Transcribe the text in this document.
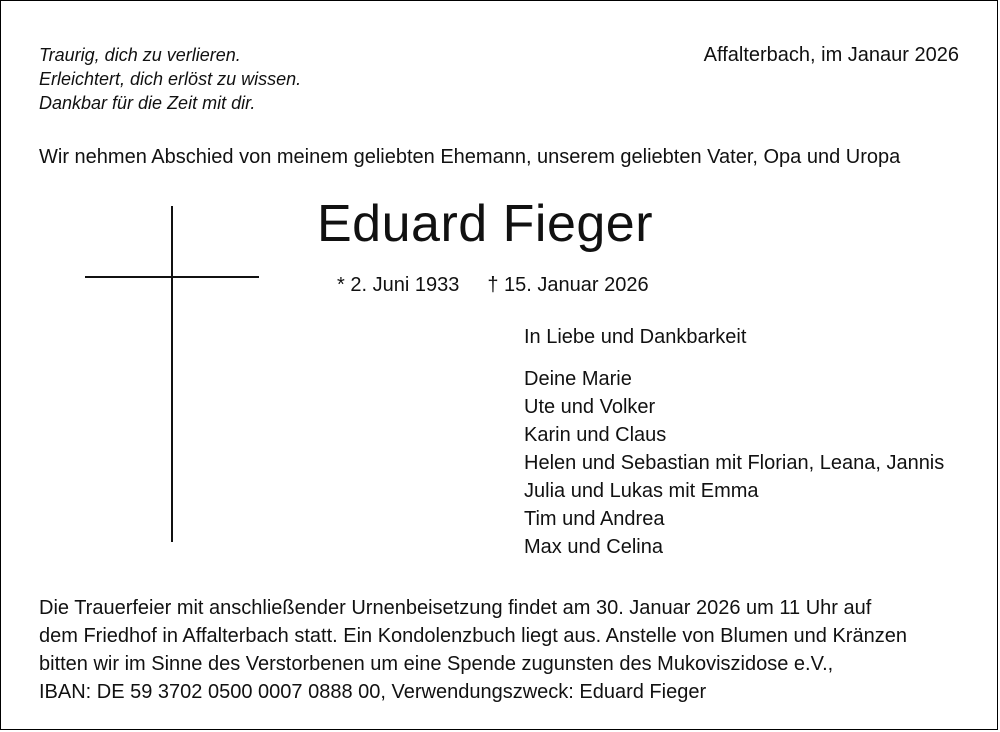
Traurig, dich zu verlieren.
Erleichtert, dich erlöst zu wissen.
Dankbar für die Zeit mit dir.
Affalterbach, im Janaur 2026
Wir nehmen Abschied von meinem geliebten Ehemann, unserem geliebten Vater, Opa und Uropa
Eduard Fieger
* 2. Juni 1933 † 15. Januar 2026
In Liebe und Dankbarkeit
Deine Marie
Ute und Volker
Karin und Claus
Helen und Sebastian mit Florian, Leana, Jannis
Julia und Lukas mit Emma
Tim und Andrea
Max und Celina
Die Trauerfeier mit anschließender Urnenbeisetzung findet am 30. Januar 2026 um 11 Uhr auf
dem Friedhof in Affalterbach statt. Ein Kondolenzbuch liegt aus. Anstelle von Blumen und Kränzen
bitten wir im Sinne des Verstorbenen um eine Spende zugunsten des Mukoviszidose e.V.,
IBAN: DE 59 3702 0500 0007 0888 00, Verwendungszweck: Eduard Fieger
